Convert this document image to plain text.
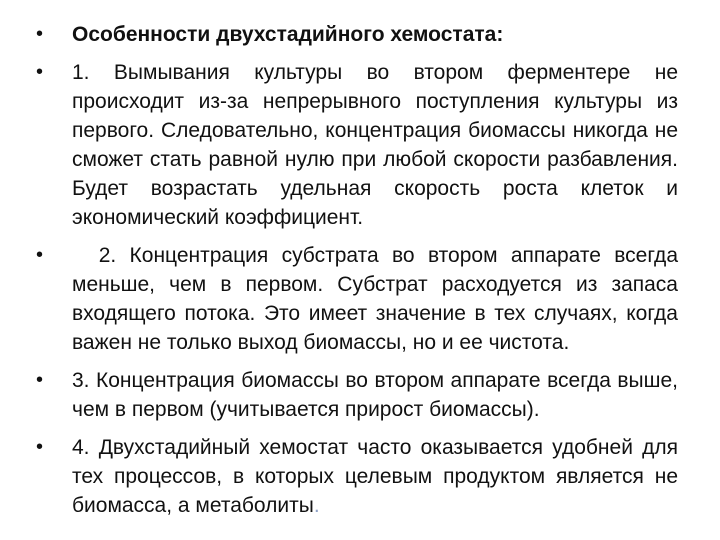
•	Особенности двухстадийного хемостата:
•	1. Вымывания культуры во втором ферментере не происходит из-за непрерывного поступления культуры из первого. Следовательно, концентрация биомассы никогда не сможет стать равной нулю при любой скорости разбавления. Будет возрастать удельная скорость роста клеток и экономический коэффициент.
•	2. Концентрация субстрата во втором аппарате всегда меньше, чем в первом. Субстрат расходуется из запаса входящего потока. Это имеет значение в тех случаях, когда важен не только выход биомассы, но и ее чистота.
•	3. Концентрация биомассы во втором аппарате всегда выше, чем в первом (учитывается прирост биомассы).
•	4. Двухстадийный хемостат часто оказывается удобней для тех процессов, в которых целевым продуктом является не биомасса, а метаболиты.
